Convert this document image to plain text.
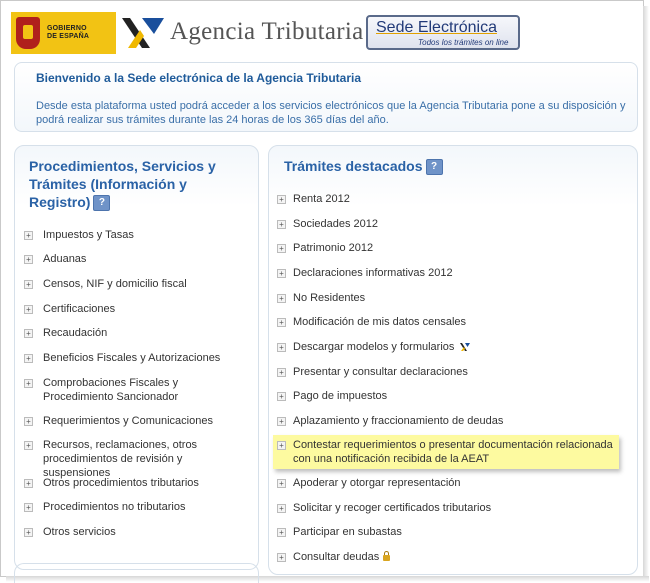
GOBIERNO
DE ESPAÑA	Agencia Tributaria Sede Electrónica
Todos los trámites on line
Bienvenido a la Sede electrónica de la Agencia Tributaria
Desde esta plataforma usted podrá acceder a los servicios electrónicos que la Agencia Tributaria pone a su disposición y podrá realizar sus trámites durante las 24 horas de los 365 días del año.
Procedimientos, Servicios y Trámites (Información y Registro) ?
+	Impuestos y Tasas
+	Aduanas
+	Censos, NIF y domicilio fiscal
+	Certificaciones
+	Recaudación
+	Beneficios Fiscales y Autorizaciones
+	Comprobaciones Fiscales y Procedimiento Sancionador
+	Requerimientos y Comunicaciones
+	Recursos, reclamaciones, otros procedimientos de revisión y suspensiones
+	Otros procedimientos tributarios
+	Procedimientos no tributarios
+	Otros servicios
Trámites destacados ?
+ Renta 2012
+ Sociedades 2012
+ Patrimonio 2012
+ Declaraciones informativas 2012
+ No Residentes
+ Modificación de mis datos censales
+ Descargar modelos y formularios
+ Presentar y consultar declaraciones
+ Pago de impuestos
+ Aplazamiento y fraccionamiento de deudas
+ Contestar requerimientos o presentar documentación relacionada con una notificación recibida de la AEAT
+ Apoderar y otorgar representación
+ Solicitar y recoger certificados tributarios
+ Participar en subastas
+ Consultar deudas
